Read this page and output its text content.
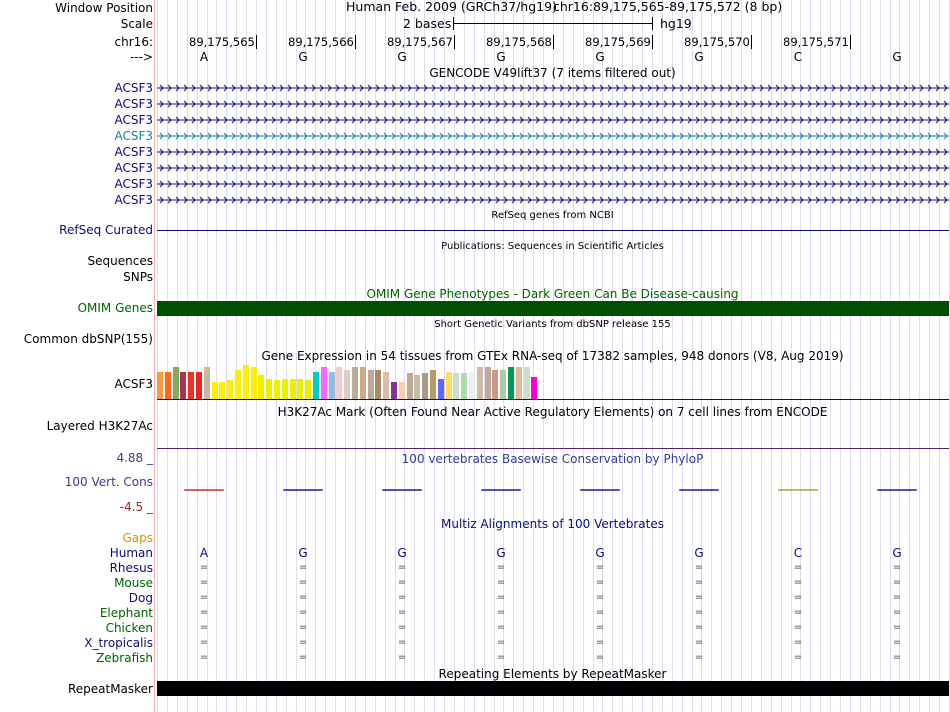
Window Position
Scale
chr16:
--->
Human Feb. 2009 (GRCh37/hg19)
chr16:89,175,565-89,175,572 (8 bp)
2 bases	hg19
89,175,565	89,175,566	89,175,567	89,175,568	89,175,569	89,175,570	89,175,571
A	G	G	G	G	G	C	G
GENCODE V49lift37 (7 items filtered out)
ACSF3
ACSF3
ACSF3
ACSF3
ACSF3
ACSF3
ACSF3
ACSF3
RefSeq genes from NCBI
RefSeq Curated
Publications: Sequences in Scientific Articles
Sequences
SNPs
OMIM Gene Phenotypes - Dark Green Can Be Disease-causing
OMIM Genes
Short Genetic Variants from dbSNP release 155
Common dbSNP(155)
Gene Expression in 54 tissues from GTEx RNA-seq of 17382 samples, 948 donors (V8, Aug 2019)
ACSF3
H3K27Ac Mark (Often Found Near Active Regulatory Elements) on 7 cell lines from ENCODE
Layered H3K27Ac
100 vertebrates Basewise Conservation by PhyloP
4.88 _
100 Vert. Cons
-4.5 _
Multiz Alignments of 100 Vertebrates
Gaps
Human	A	G	G	G	G	G	C	G
Rhesus	=	=	=	=	=	=	=	=
Mouse	=	=	=	=	=	=	=	=
Dog	=	=	=	=	=	=	=	=
Elephant	=	=	=	=	=	=	=	=
Chicken	=	=	=	=	=	=	=	=
X_tropicalis	=	=	=	=	=	=	=	=
Zebrafish	=	=	=	=	=	=	=	=
Repeating Elements by RepeatMasker
RepeatMasker
